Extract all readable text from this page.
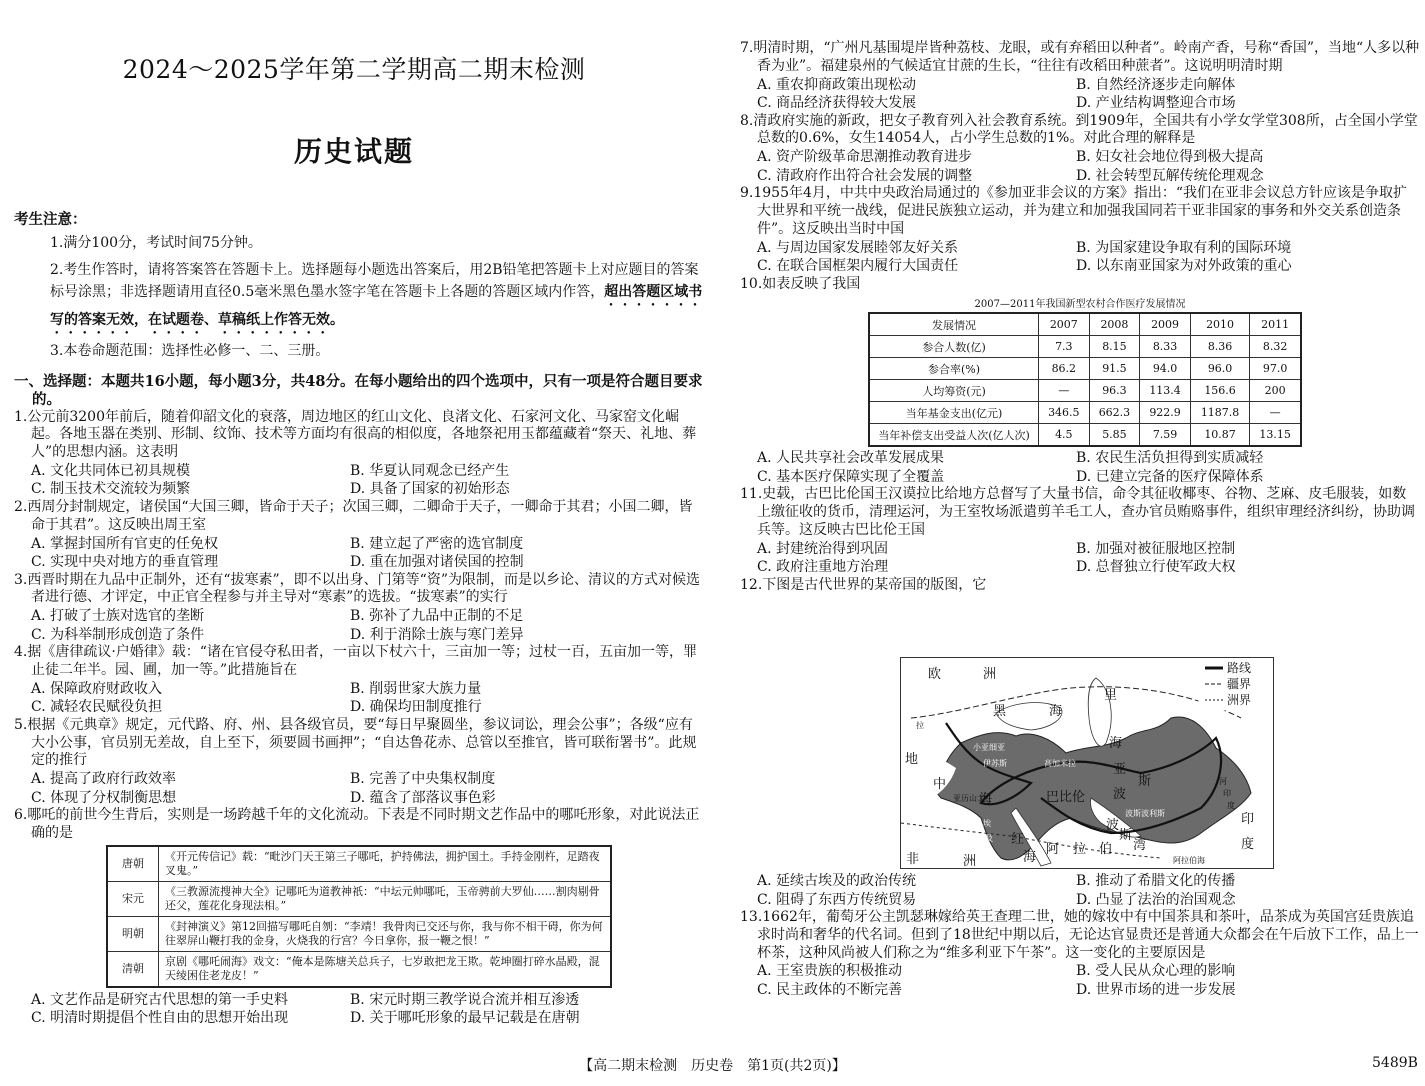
2024～2025学年第二学期高二期末检测
历史试题
考生注意：
1.满分100分，考试时间75分钟。
2.考生作答时，请将答案答在答题卡上。选择题每小题选出答案后，用2B铅笔把答题卡上对应题目的答案标号涂黑；非选择题请用直径0.5毫米黑色墨水签字笔在答题卡上各题的答题区域内作答，超出答题区域书写的答案无效，在试题卷、草稿纸上作答无效。
3.本卷命题范围：选择性必修一、二、三册。
一、选择题：本题共16小题，每小题3分，共48分。在每小题给出的四个选项中，只有一项是符合题目要求的。
1.公元前3200年前后，随着仰韶文化的衰落，周边地区的红山文化、良渚文化、石家河文化、马家窑文化崛起。各地玉器在类别、形制、纹饰、技术等方面均有很高的相似度，各地祭祀用玉都蕴藏着“祭天、礼地、葬人”的思想内涵。这表明
A. 文化共同体已初具规模	B. 华夏认同观念已经产生
C. 制玉技术交流较为频繁	D. 具备了国家的初始形态
2.西周分封制规定，诸侯国“大国三卿，皆命于天子；次国三卿，二卿命于天子，一卿命于其君；小国二卿，皆命于其君”。这反映出周王室
A. 掌握封国所有官吏的任免权	B. 建立起了严密的选官制度
C. 实现中央对地方的垂直管理	D. 重在加强对诸侯国的控制
3.西晋时期在九品中正制外，还有“拔寒素”，即不以出身、门第等“资”为限制，而是以乡论、清议的方式对候选者进行德、才评定，中正官全程参与并主导对“寒素”的选拔。“拔寒素”的实行
A. 打破了士族对选官的垄断	B. 弥补了九品中正制的不足
C. 为科举制形成创造了条件	D. 利于消除士族与寒门差异
4.据《唐律疏议·户婚律》载：“诸在官侵夺私田者，一亩以下杖六十，三亩加一等；过杖一百，五亩加一等，罪止徒二年半。园、圃，加一等。”此措施旨在
A. 保障政府财政收入	B. 削弱世家大族力量
C. 减轻农民赋役负担	D. 确保均田制度推行
5.根据《元典章》规定，元代路、府、州、县各级官员，要“每日早聚圆坐，参议词讼，理会公事”；各级“应有大小公事，官员别无差故，自上至下，须要圆书画押”；“自达鲁花赤、总管以至推官，皆可联衔署书”。此规定的推行
A. 提高了政府行政效率	B. 完善了中央集权制度
C. 体现了分权制衡思想	D. 蕴含了部落议事色彩
6.哪吒的前世今生背后，实则是一场跨越千年的文化流动。下表是不同时期文艺作品中的哪吒形象，对此说法正确的是
唐朝	《开元传信记》载：“毗沙门天王第三子哪吒，护持佛法，拥护国土。手持金刚杵，足踏夜叉鬼。”
宋元	《三教源流搜神大全》记哪吒为道教神祇：“中坛元帅哪吒，玉帝骋前大罗仙……割肉剔骨还父，莲花化身现法相。”
明朝	《封神演义》第12回描写哪吒自刎：“李靖！我骨肉已交还与你，我与你不相干碍，你为何往翠屏山鞭打我的金身，火烧我的行宫？今日拿你，报一鞭之恨！”
清朝	京剧《哪吒闹海》戏文：“俺本是陈塘关总兵子，七岁敢把龙王欺。乾坤圈打碎水晶殿，混天绫困住老龙皮！”
A. 文艺作品是研究古代思想的第一手史料	B. 宋元时期三教学说合流并相互渗透
C. 明清时期提倡个性自由的思想开始出现	D. 关于哪吒形象的最早记载是在唐朝
7.明清时期，“广州凡基围堤岸皆种荔枝、龙眼，或有弃稻田以种者”。岭南产香，号称“香国”，当地“人多以种香为业”。福建泉州的气候适宜甘蔗的生长，“往往有改稻田种蔗者”。这说明明清时期
A. 重农抑商政策出现松动	B. 自然经济逐步走向解体
C. 商品经济获得较大发展	D. 产业结构调整迎合市场
8.清政府实施的新政，把女子教育列入社会教育系统。到1909年，全国共有小学女学堂308所，占全国小学堂总数的0.6%，女生14054人，占小学生总数的1%。对此合理的解释是
A. 资产阶级革命思潮推动教育进步	B. 妇女社会地位得到极大提高
C. 清政府作出符合社会发展的调整	D. 社会转型瓦解传统伦理观念
9.1955年4月，中共中央政治局通过的《参加亚非会议的方案》指出：“我们在亚非会议总方针应该是争取扩大世界和平统一战线，促进民族独立运动，并为建立和加强我国同若干亚非国家的事务和外交关系创造条件”。这反映出当时中国
A. 与周边国家发展睦邻友好关系	B. 为国家建设争取有利的国际环境
C. 在联合国框架内履行大国责任	D. 以东南亚国家为对外政策的重心
10.如表反映了我国
2007—2011年我国新型农村合作医疗发展情况
发展情况	2007	2008	2009	2010	2011
参合人数(亿)	7.3	8.15	8.33	8.36	8.32
参合率(%)	86.2	91.5	94.0	96.0	97.0
人均筹资(元)	—	96.3	113.4	156.6	200
当年基金支出(亿元)	346.5	662.3	922.9	1187.8	—
当年补偿支出受益人次(亿人次)	4.5	5.85	7.59	10.87	13.15
A. 人民共享社会改革发展成果	B. 农民生活负担得到实质减轻
C. 基本医疗保障实现了全覆盖	D. 已建立完备的医疗保障体系
11.史载，古巴比伦国王汉谟拉比给地方总督写了大量书信，命令其征收椰枣、谷物、芝麻、皮毛服装，如数上缴征收的货币，清理运河，为王室牧场派遣剪羊毛工人，查办官员贿赂事件，组织审理经济纠纷，协助调兵等。这反映古巴比伦王国
A. 封建统治得到巩固	B. 加强对被征服地区控制
C. 政府注重地方治理	D. 总督独立行使军政大权
12.下图是古代世界的某帝国的版图，它
A. 延续古埃及的政治传统	B. 推动了希腊文化的传播
C. 阻碍了东西方传统贸易	D. 凸显了法治的治国观念
13.1662年，葡萄牙公主凯瑟琳嫁给英王查理二世，她的嫁妆中有中国茶具和茶叶，品茶成为英国宫廷贵族追求时尚和奢华的代名词。但到了18世纪中期以后，无论达官显贵还是普通大众都会在午后放下工作，品上一杯茶，这种风尚被人们称之为“维多利亚下午茶”。这一变化的主要原因是
A. 王室贵族的积极推动	B. 受人民从众心理的影响
C. 民主政体的不断完善	D. 世界市场的进一步发展
路线
疆界
洲界
欧	洲
黑	海
里
海
拉
地
中
海
小亚细亚
伊苏斯
亚历山大	巴比伦
高加米拉	亚
波
斯
波斯波利斯	印
度
非	洲
阿 拉 伯
阿拉伯海
波
斯
湾
红
海
埃
及
河
印
度
【高二期末检测　历史卷　第1页(共2页)】	5489B
